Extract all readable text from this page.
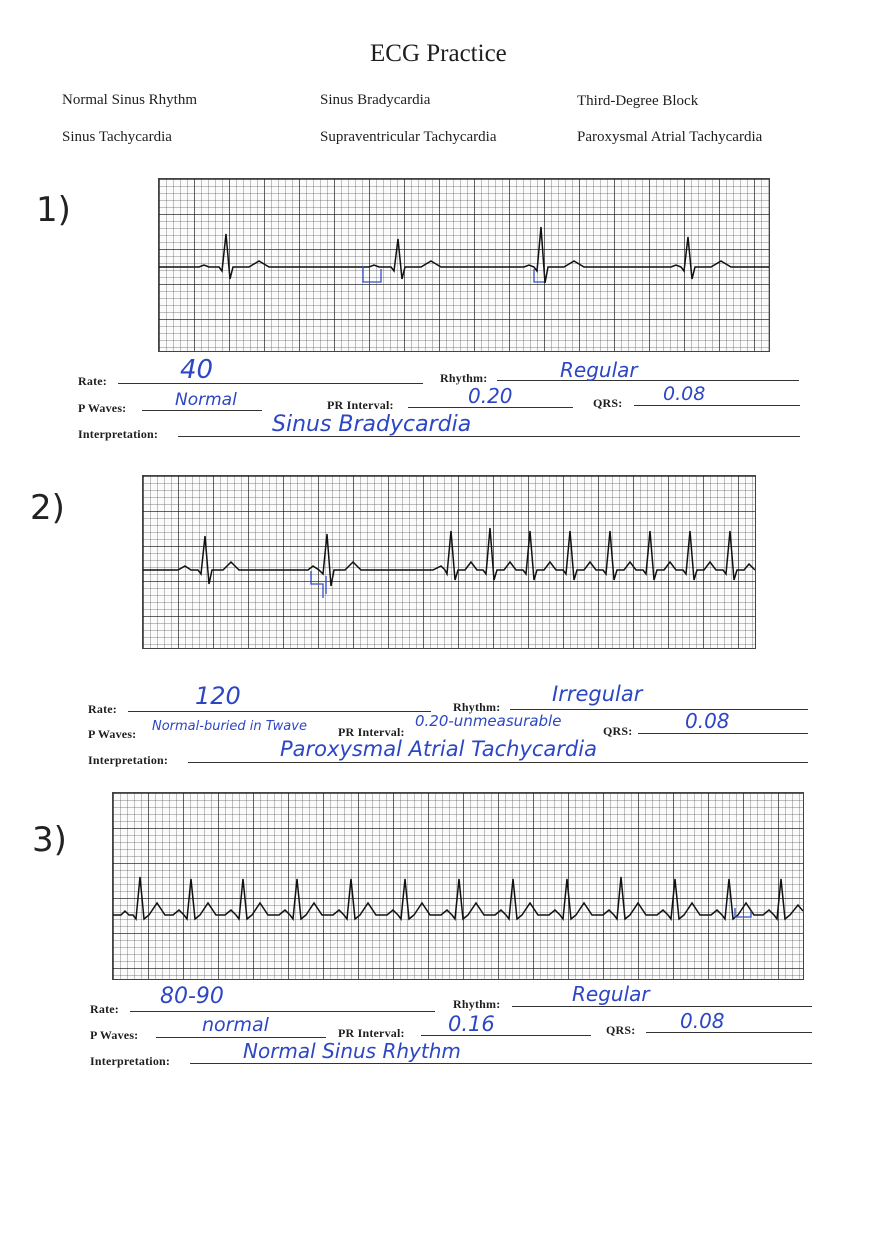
ECG Practice
Normal Sinus Rhythm	Sinus Bradycardia	Third-Degree Block
Sinus Tachycardia	Supraventricular Tachycardia	Paroxysmal Atrial Tachycardia
1)
Rate:	40	Rhythm:	Regular
P Waves:	Normal	PR Interval:	0.20	QRS: 0.08
Interpretation:	Sinus Bradycardia
2)
Rate:	120	Rhythm:
Irregular
P Waves: Normal-buried in Twave	PR Interval:
0.20-unmeasurable
QRS:	0.08
Interpretation:	Paroxysmal Atrial Tachycardia
3)
Rate: 80-90	Rhythm:	Regular
P Waves:	normal	PR Interval: 0.16	QRS: 0.08
Interpretation:	Normal Sinus Rhythm
